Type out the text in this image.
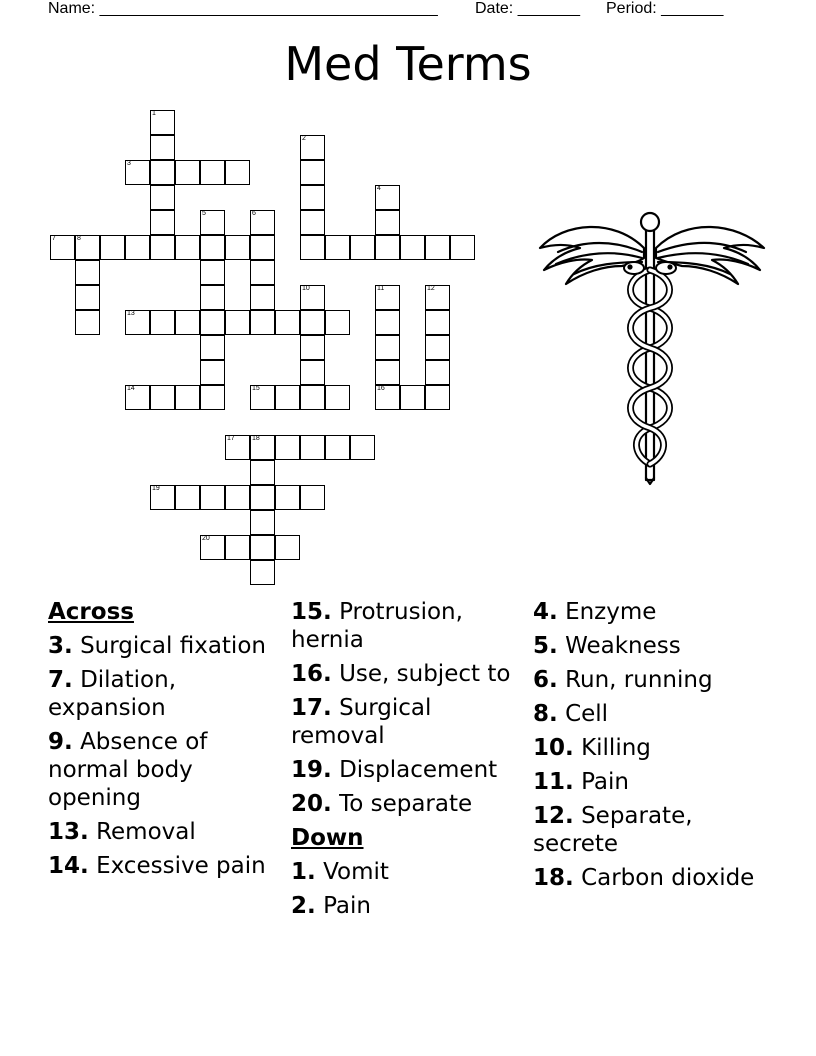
Name: ______________________________________ Date: _______ Period: _______
Med Terms
1
2
3
4
5	6
7	8
10	11
16
12
13
14	15
17 18
19
20
Across
3. Surgical fixation
7. Dilation, expansion
9. Absence of normal body opening
13. Removal
14. Excessive pain
15. Protrusion, hernia
16. Use, subject to
17. Surgical removal
19. Displacement
20. To separate
Down
1. Vomit
2. Pain
4. Enzyme
5. Weakness
6. Run, running
8. Cell
10. Killing
11. Pain
12. Separate, secrete
18. Carbon dioxide
